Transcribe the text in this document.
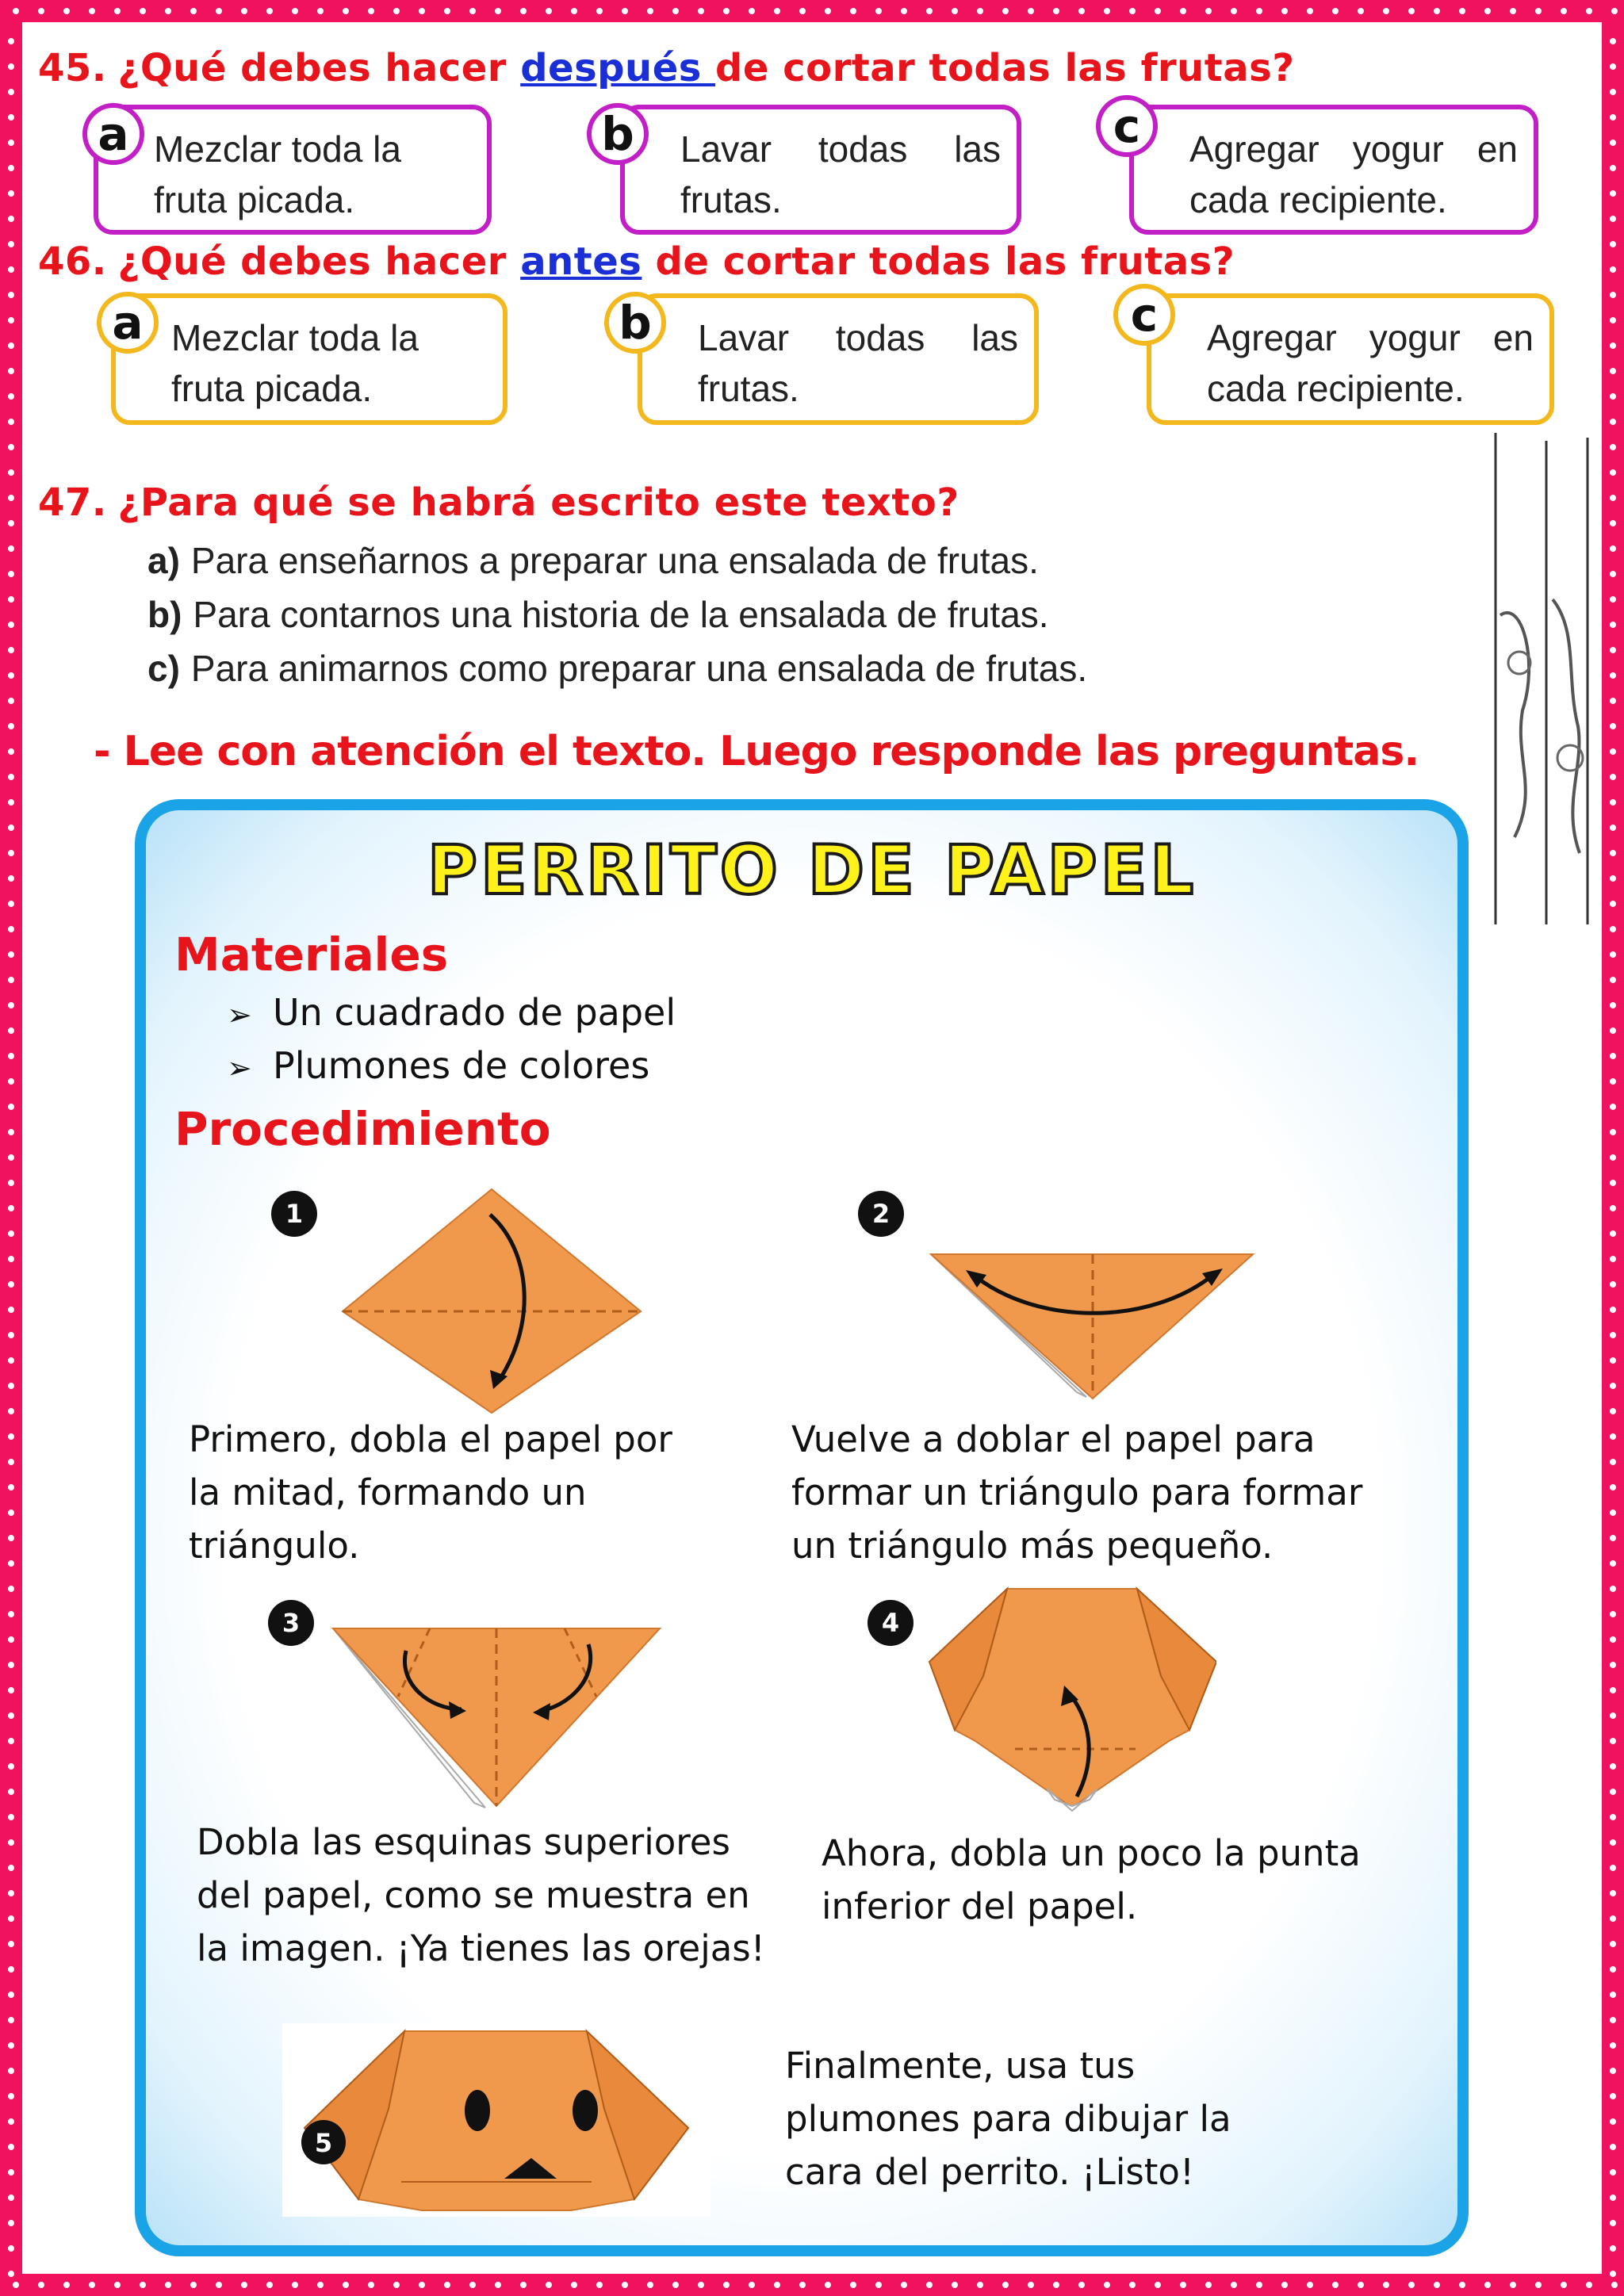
45. ¿Qué debes hacer después de cortar todas las frutas?
a Mezclar toda la fruta picada.
b	Lavar todas las frutas.
c	Agregar yogur en cada recipiente.
46. ¿Qué debes hacer antes de cortar todas las frutas?
a Mezclar toda la fruta picada.
b	Lavar todas las frutas.
c	Agregar yogur en cada recipiente.
47. ¿Para qué se habrá escrito este texto?
a) Para enseñarnos a preparar una ensalada de frutas.
b) Para contarnos una historia de la ensalada de frutas.
c) Para animarnos como preparar una ensalada de frutas.
- Lee con atención el texto. Luego responde las preguntas.
PERRITO DE PAPEL
Materiales
➢ Un cuadrado de papel
➢ Plumones de colores
Procedimiento
1
Primero, dobla el papel por la mitad, formando un triángulo.
2
Vuelve a doblar el papel para formar un triángulo para formar un triángulo más pequeño.
3
Dobla las esquinas superiores del papel, como se muestra en la imagen. ¡Ya tienes las orejas!
4
Ahora, dobla un poco la punta inferior del papel.
5
Finalmente, usa tus plumones para dibujar la cara del perrito. ¡Listo!
